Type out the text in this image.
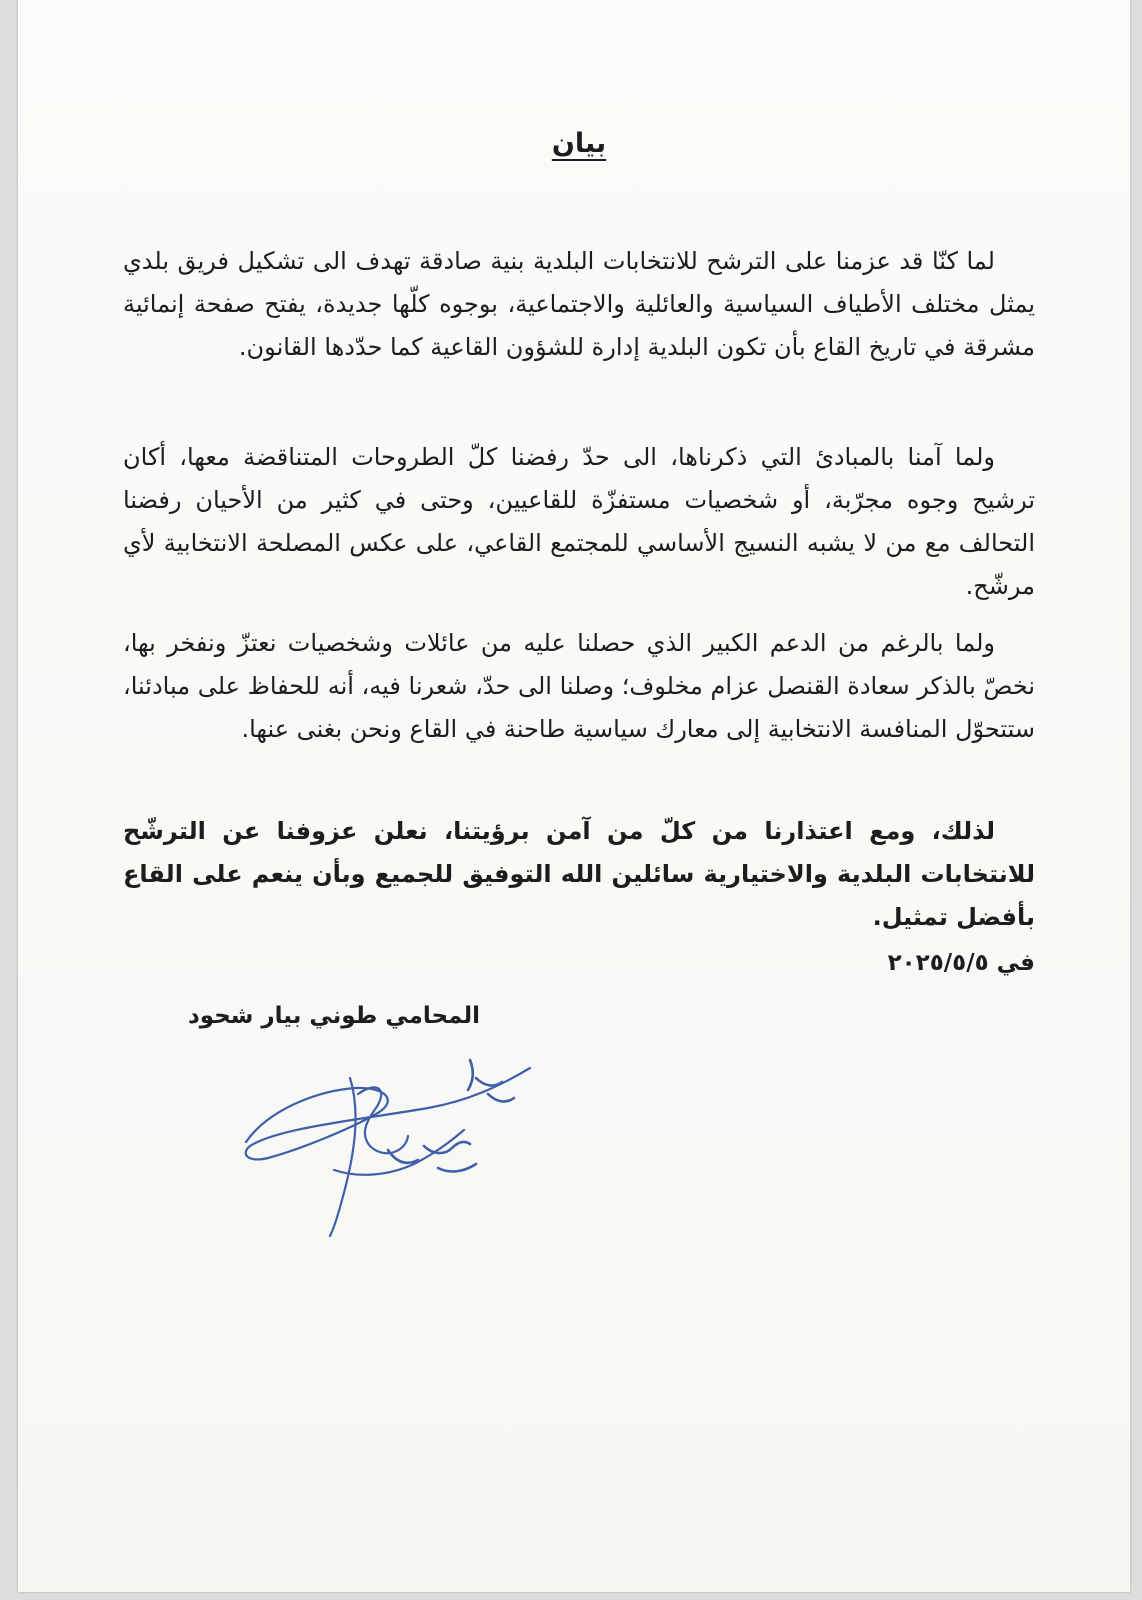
بيان

لما كنّا قد عزمنا على الترشح للانتخابات البلدية بنية صادقة تهدف الى تشكيل فريق بلدي يمثل مختلف الأطياف السياسية والعائلية والاجتماعية، بوجوه كلّها جديدة، يفتح صفحة إنمائية مشرقة في تاريخ القاع بأن تكون البلدية إدارة للشؤون القاعية كما حدّدها القانون.

ولما آمنا بالمبادئ التي ذكرناها، الى حدّ رفضنا كلّ الطروحات المتناقضة معها، أكان ترشيح وجوه مجرّبة، أو شخصيات مستفزّة للقاعيين، وحتى في كثير من الأحيان رفضنا التحالف مع من لا يشبه النسيج الأساسي للمجتمع القاعي، على عكس المصلحة الانتخابية لأي مرشّح.

ولما بالرغم من الدعم الكبير الذي حصلنا عليه من عائلات وشخصيات نعتزّ ونفخر بها، نخصّ بالذكر سعادة القنصل عزام مخلوف؛ وصلنا الى حدّ، شعرنا فيه، أنه للحفاظ على مبادئنا، ستتحوّل المنافسة الانتخابية إلى معارك سياسية طاحنة في القاع ونحن بغنى عنها.

لذلك، ومع اعتذارنا من كلّ من آمن برؤيتنا، نعلن عزوفنا عن الترشّح للانتخابات البلدية والاختيارية سائلين الله التوفيق للجميع وبأن ينعم على القاع بأفضل تمثيل.

في ٢٠٢٥/٥/٥
المحامي طوني بيار شحود
